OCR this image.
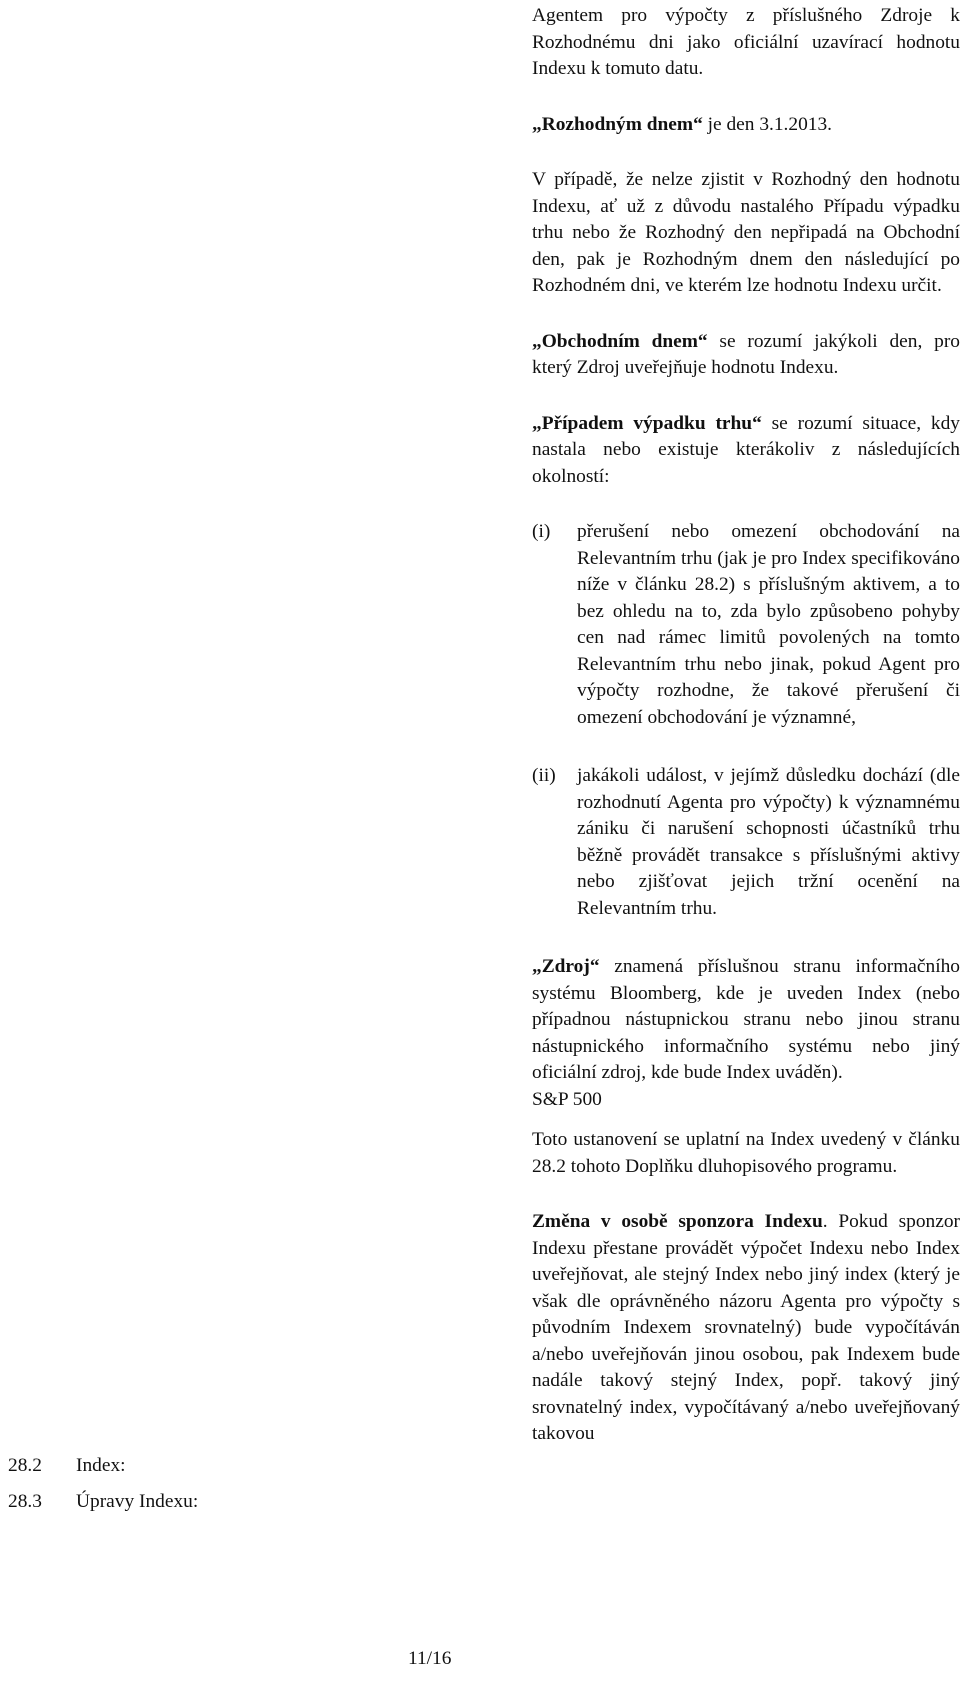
28.2 Index:
28.3 Úpravy Indexu:

Agentem pro výpočty z příslušného Zdroje k Rozhodnému dni jako oficiální uzavírací hodnotu Indexu k tomuto datu.

„Rozhodným dnem“ je den 3.1.2013.

V případě, že nelze zjistit v Rozhodný den hodnotu Indexu, ať už z důvodu nastalého Případu výpadku trhu nebo že Rozhodný den nepřipadá na Obchodní den, pak je Rozhodným dnem den následující po Rozhodném dni, ve kterém lze hodnotu Indexu určit.

„Obchodním dnem“ se rozumí jakýkoli den, pro který Zdroj uveřejňuje hodnotu Indexu.

„Případem výpadku trhu“ se rozumí situace, kdy nastala nebo existuje kterákoliv z následujících okolností:

(i) přerušení nebo omezení obchodování na Relevantním trhu (jak je pro Index specifikováno níže v článku 28.2) s příslušným aktivem, a to bez ohledu na to, zda bylo způsobeno pohyby cen nad rámec limitů povolených na tomto Relevantním trhu nebo jinak, pokud Agent pro výpočty rozhodne, že takové přerušení či omezení obchodování je významné,

(ii) jakákoli událost, v jejímž důsledku dochází (dle rozhodnutí Agenta pro výpočty) k významnému zániku či narušení schopnosti účastníků trhu běžně provádět transakce s příslušnými aktivy nebo zjišťovat jejich tržní ocenění na Relevantním trhu.

„Zdroj“ znamená příslušnou stranu informačního systému Bloomberg, kde je uveden Index (nebo případnou nástupnickou stranu nebo jinou stranu nástupnického informačního systému nebo jiný oficiální zdroj, kde bude Index uváděn).

S&P 500

Toto ustanovení se uplatní na Index uvedený v článku 28.2 tohoto Doplňku dluhopisového programu.

Změna v osobě sponzora Indexu. Pokud sponzor Indexu přestane provádět výpočet Indexu nebo Index uveřejňovat, ale stejný Index nebo jiný index (který je však dle oprávněného názoru Agenta pro výpočty s původním Indexem srovnatelný) bude vypočítáván a/nebo uveřejňován jinou osobou, pak Indexem bude nadále takový stejný Index, popř. takový jiný srovnatelný index, vypočítávaný a/nebo uveřejňovaný takovou

11/16
